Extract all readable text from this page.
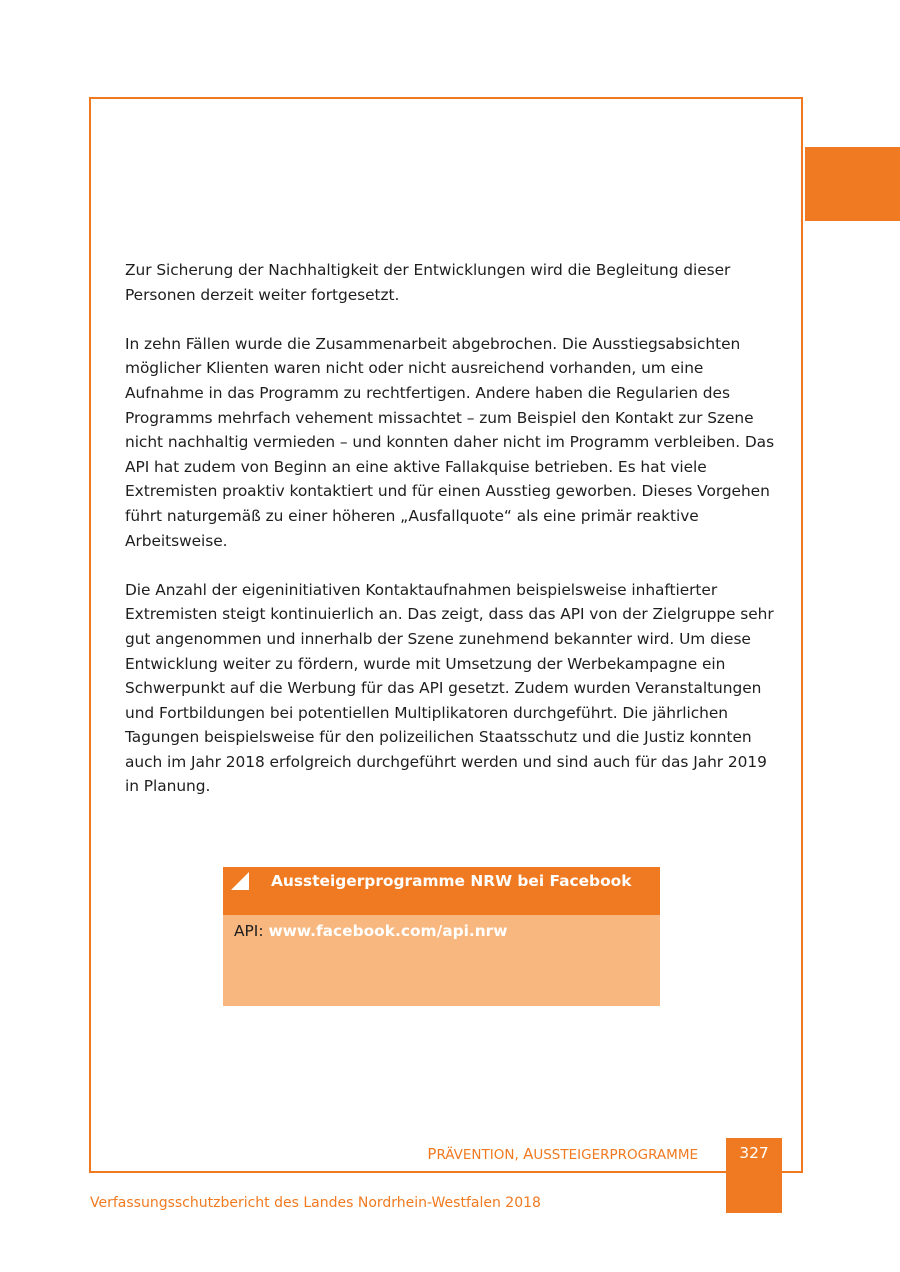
Zur Sicherung der Nachhaltigkeit der Entwicklungen wird die Begleitung dieser Personen derzeit weiter fortgesetzt.

In zehn Fällen wurde die Zusammenarbeit abgebrochen. Die Ausstiegsabsichten möglicher Klienten waren nicht oder nicht ausreichend vorhanden, um eine Aufnahme in das Programm zu rechtfertigen. Andere haben die Regularien des Programms mehrfach vehement missachtet – zum Beispiel den Kontakt zur Szene nicht nachhaltig vermieden – und konnten daher nicht im Programm verbleiben. Das API hat zudem von Beginn an eine aktive Fallakquise betrieben. Es hat viele Extremisten proaktiv kontaktiert und für einen Ausstieg geworben. Dieses Vorgehen führt naturgemäß zu einer höheren „Ausfallquote“ als eine primär reaktive Arbeitsweise.

Die Anzahl der eigeninitiativen Kontaktaufnahmen beispielsweise inhaftierter Extremisten steigt kontinuierlich an. Das zeigt, dass das API von der Zielgruppe sehr gut angenommen und innerhalb der Szene zunehmend bekannter wird. Um diese Entwicklung weiter zu fördern, wurde mit Umsetzung der Werbekampagne ein Schwerpunkt auf die Werbung für das API gesetzt. Zudem wurden Veranstaltungen und Fortbildungen bei potentiellen Multiplikatoren durchgeführt. Die jährlichen Tagungen beispielsweise für den polizeilichen Staatsschutz und die Justiz konnten auch im Jahr 2018 erfolgreich durchgeführt werden und sind auch für das Jahr 2019 in Planung.

Aussteigerprogramme NRW bei Facebook
API: www.facebook.com/api.nrw
PRÄVENTION, AUSSTEIGERPROGRAMME	327
Verfassungsschutzbericht des Landes Nordrhein-Westfalen 2018
